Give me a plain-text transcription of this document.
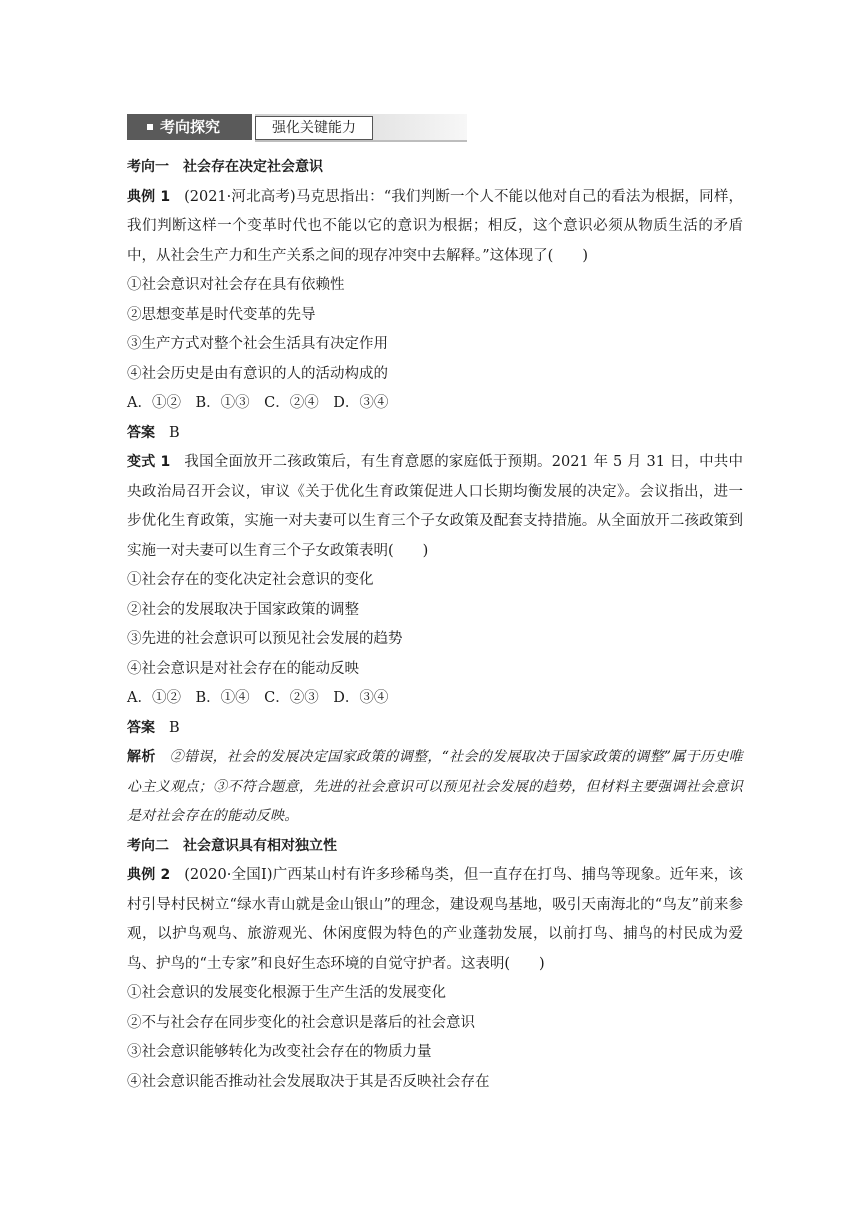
考向探究	强化关键能力
考向一　社会存在决定社会意识
典例 1 (2021·河北高考)马克思指出：“我们判断一个人不能以他对自己的看法为根据，同样，我们判断这样一个变革时代也不能以它的意识为根据；相反，这个意识必须从物质生活的矛盾中，从社会生产力和生产关系之间的现存冲突中去解释。”这体现了(　　)
①社会意识对社会存在具有依赖性
②思想变革是时代变革的先导
③生产方式对整个社会生活具有决定作用
④社会历史是由有意识的人的活动构成的
A．①②　B．①③　C．②④　D．③④
答案 B
变式 1 我国全面放开二孩政策后，有生育意愿的家庭低于预期。2021 年 5 月 31 日，中共中央政治局召开会议，审议《关于优化生育政策促进人口长期均衡发展的决定》。会议指出，进一步优化生育政策，实施一对夫妻可以生育三个子女政策及配套支持措施。从全面放开二孩政策到实施一对夫妻可以生育三个子女政策表明(　　)
①社会存在的变化决定社会意识的变化
②社会的发展取决于国家政策的调整
③先进的社会意识可以预见社会发展的趋势
④社会意识是对社会存在的能动反映
A．①②　B．①④　C．②③　D．③④
答案 B
解析 ②错误，社会的发展决定国家政策的调整，“社会的发展取决于国家政策的调整”属于历史唯心主义观点；③不符合题意，先进的社会意识可以预见社会发展的趋势，但材料主要强调社会意识是对社会存在的能动反映。
考向二　社会意识具有相对独立性
典例 2 (2020·全国Ⅰ)广西某山村有许多珍稀鸟类，但一直存在打鸟、捕鸟等现象。近年来，该村引导村民树立“绿水青山就是金山银山”的理念，建设观鸟基地，吸引天南海北的“鸟友”前来参观，以护鸟观鸟、旅游观光、休闲度假为特色的产业蓬勃发展，以前打鸟、捕鸟的村民成为爱鸟、护鸟的“土专家”和良好生态环境的自觉守护者。这表明(　　)
①社会意识的发展变化根源于生产生活的发展变化
②不与社会存在同步变化的社会意识是落后的社会意识
③社会意识能够转化为改变社会存在的物质力量
④社会意识能否推动社会发展取决于其是否反映社会存在
